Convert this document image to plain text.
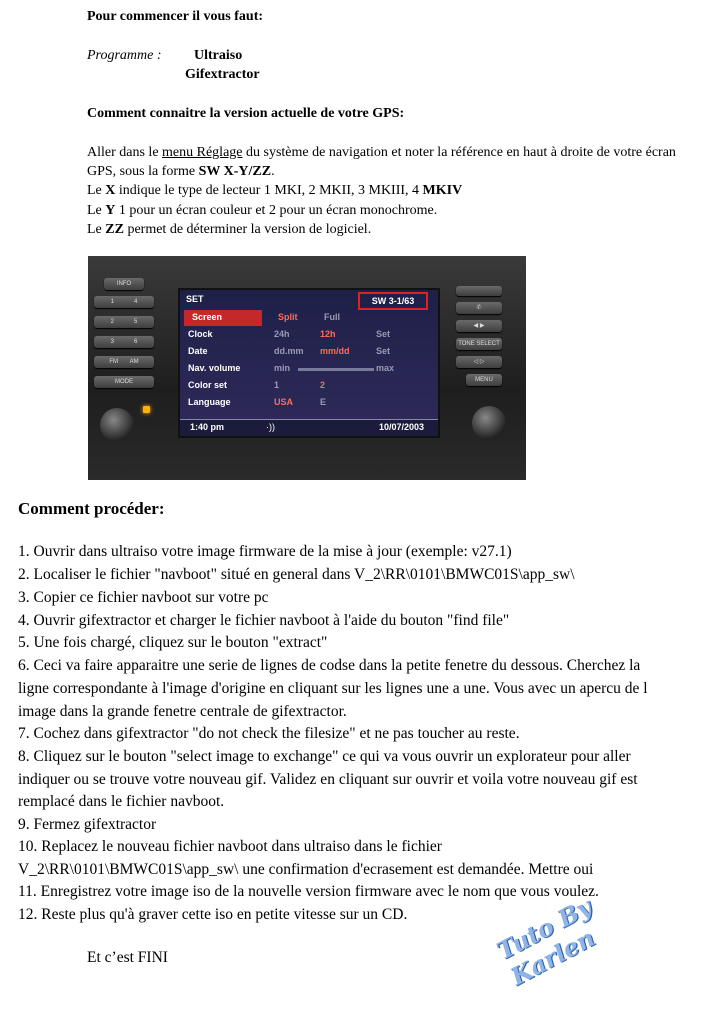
Pour commencer il vous faut:
Programme : Ultraiso
Gifextractor
Comment connaitre la version actuelle de votre GPS:
Aller dans le menu Réglage du système de navigation et noter la référence en haut à droite de votre écran
GPS, sous la forme SW X-Y/ZZ.
Le X indique le type de lecteur 1 MKI, 2 MKII, 3 MKIII, 4 MKIV
Le Y 1 pour un écran couleur et 2 pour un écran monochrome.
Le ZZ permet de déterminer la version de logiciel.
INFO
1	4
2	5
3	6
FM AM
MODE
SET	SW 3-1/63
Screen	Split	Full
Clock	24h	12h	Set
Date	dd.mm mm/dd	Set
Nav. volume	min	max
Color set	1	2
Language	USA	E
1:40 pm	·))	10/07/2003
✆
◀ ▶
TONE SELECT
◁ ▷
MENU
Comment procéder:
1. Ouvrir dans ultraiso votre image firmware de la mise à jour (exemple: v27.1)
2. Localiser le fichier "navboot" situé en general dans V_2\RR\0101\BMWC01S\app_sw\
3. Copier ce fichier navboot sur votre pc
4. Ouvrir gifextractor et charger le fichier navboot à l'aide du bouton "find file"
5. Une fois chargé, cliquez sur le bouton "extract"
6. Ceci va faire apparaitre une serie de lignes de codse dans la petite fenetre du dessous. Cherchez la
ligne correspondante à l'image d'origine en cliquant sur les lignes une a une. Vous avec un apercu de l
image dans la grande fenetre centrale de gifextractor.
7. Cochez dans gifextractor "do not check the filesize" et ne pas toucher au reste.
8. Cliquez sur le bouton "select image to exchange" ce qui va vous ouvrir un explorateur pour aller
indiquer ou se trouve votre nouveau gif. Validez en cliquant sur ouvrir et voila votre nouveau gif est
remplacé dans le fichier navboot.
9. Fermez gifextractor
10. Replacez le nouveau fichier navboot dans ultraiso dans le fichier
V_2\RR\0101\BMWC01S\app_sw\ une confirmation d'ecrasement est demandée. Mettre oui
11. Enregistrez votre image iso de la nouvelle version firmware avec le nom que vous voulez.
12. Reste plus qu'à graver cette iso en petite vitesse sur un CD.
Et c’est FINI	Tuto By Karlen
